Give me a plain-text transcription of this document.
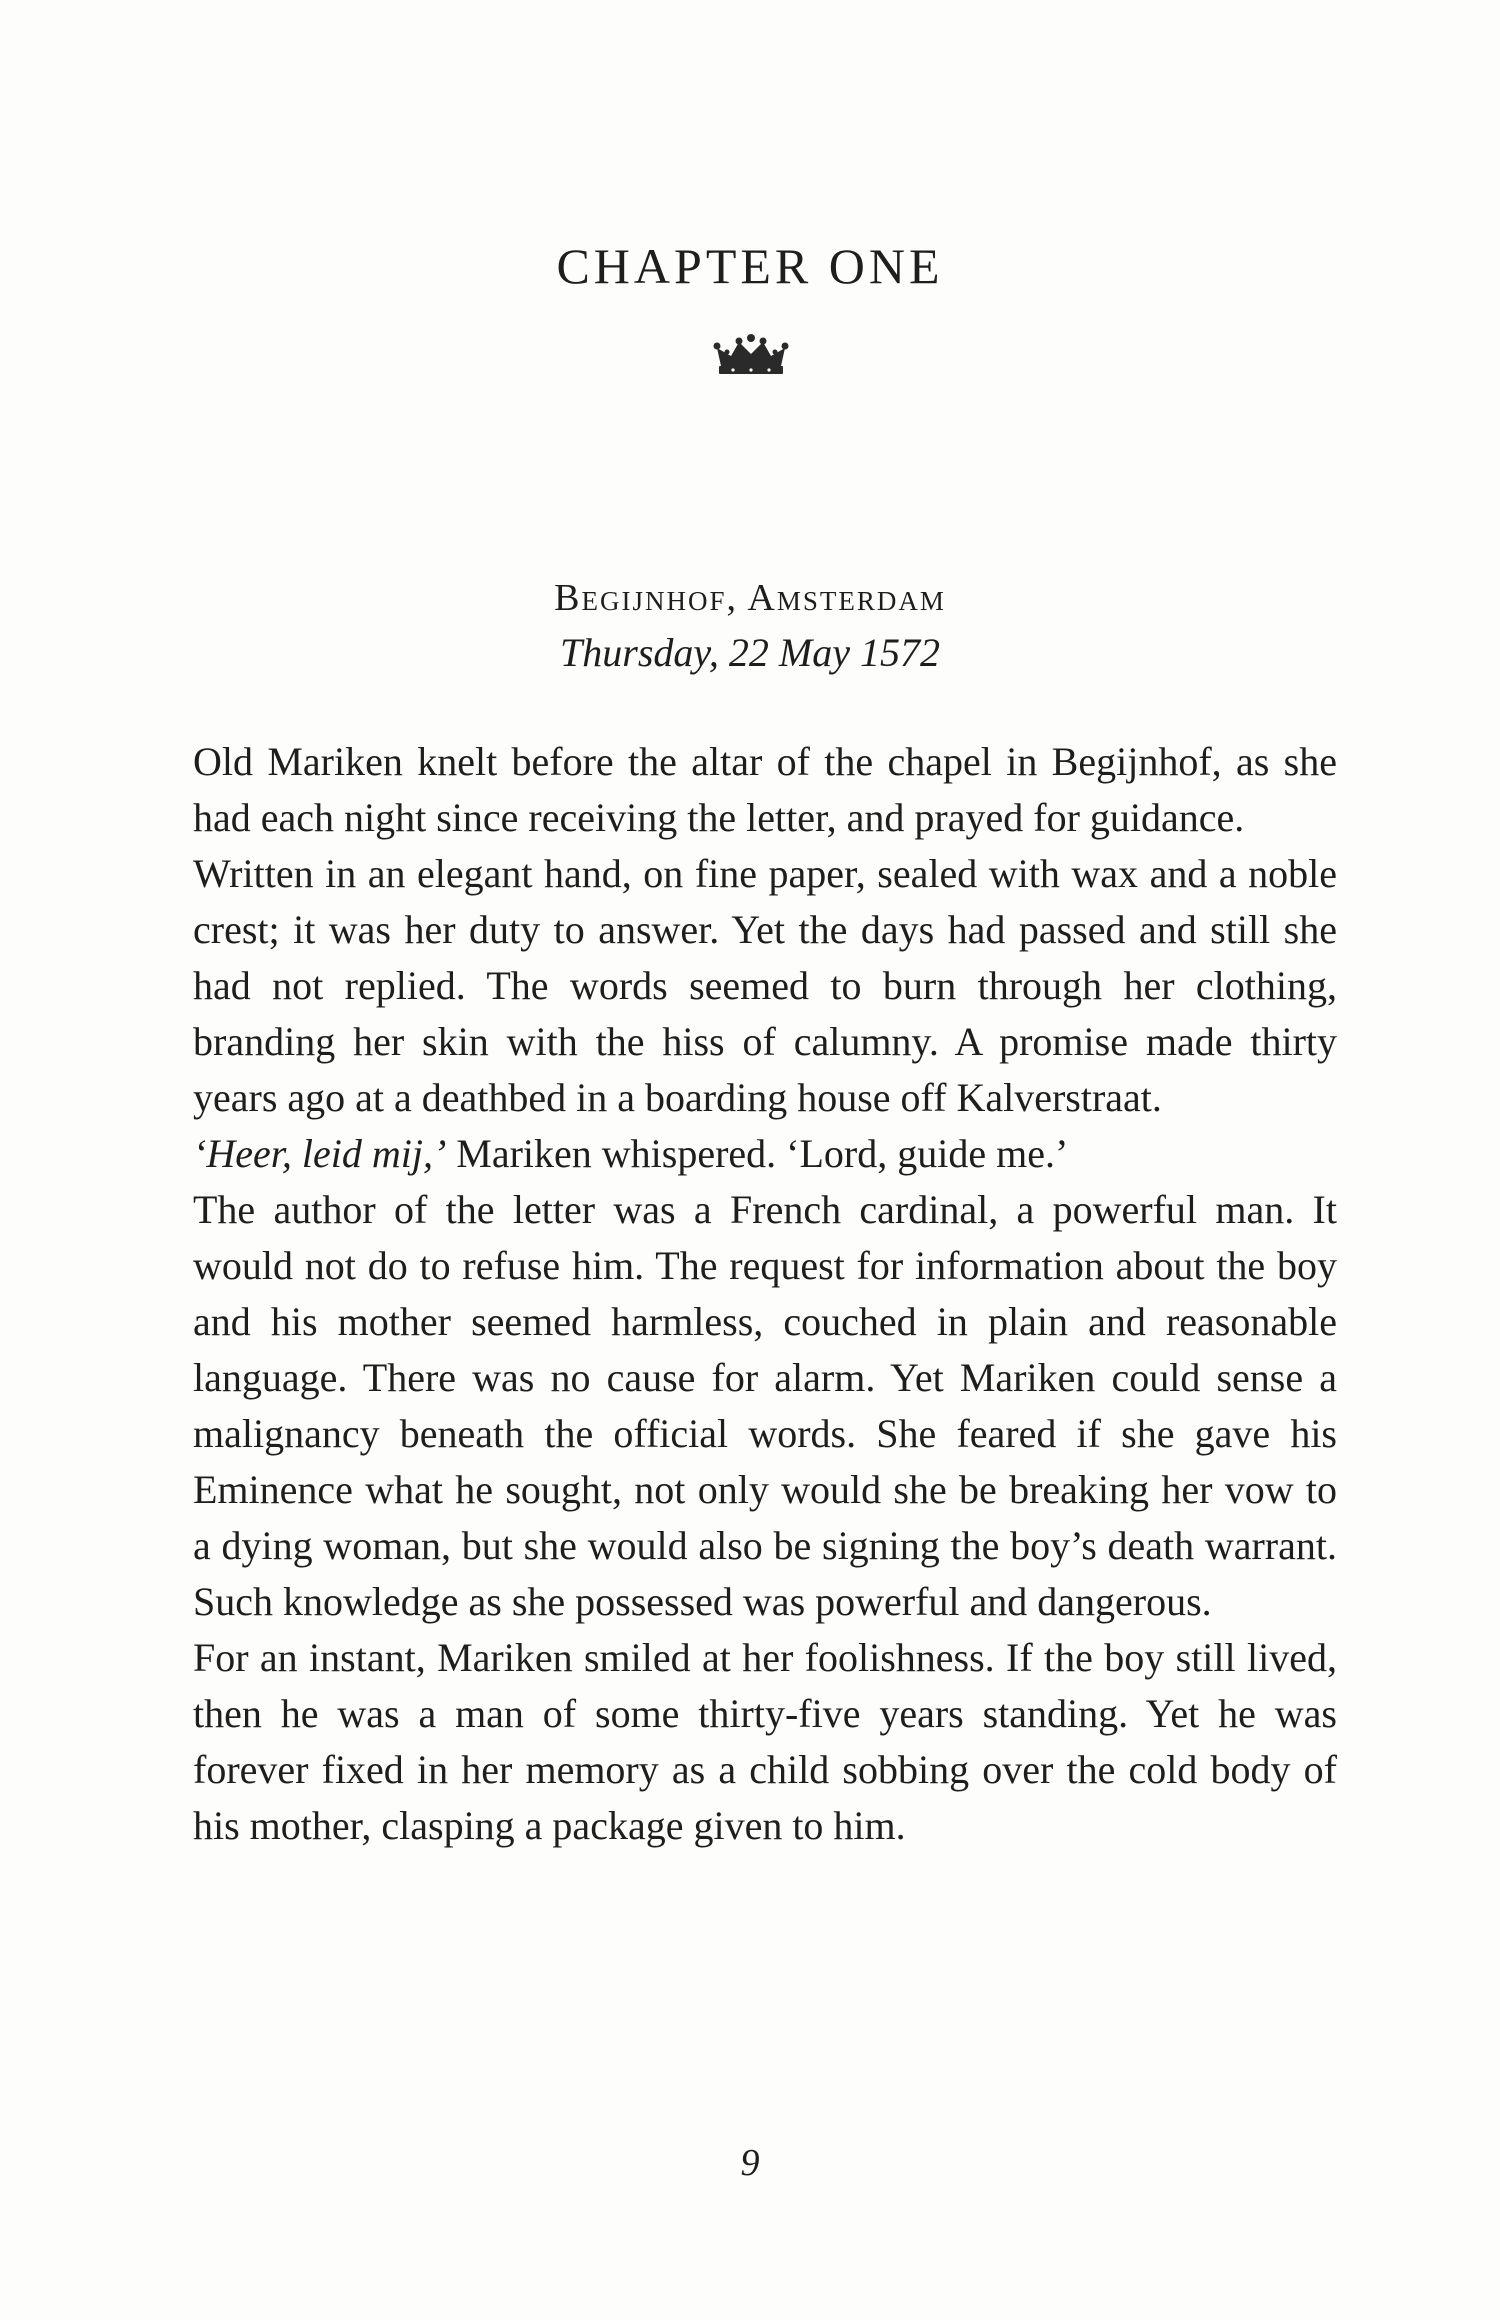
CHAPTER ONE

Begijnhof, Amsterdam

Thursday, 22 May 1572

Old Mariken knelt before the altar of the chapel in Begijnhof, as she had each night since receiving the letter, and prayed for guidance.

Written in an elegant hand, on fine paper, sealed with wax and a noble crest; it was her duty to answer. Yet the days had passed and still she had not replied. The words seemed to burn through her clothing, branding her skin with the hiss of calumny. A promise made thirty years ago at a deathbed in a boarding house off Kalverstraat.

‘Heer, leid mij,’ Mariken whispered. ‘Lord, guide me.’

The author of the letter was a French cardinal, a powerful man. It would not do to refuse him. The request for information about the boy and his mother seemed harmless, couched in plain and reasonable language. There was no cause for alarm. Yet Mariken could sense a malignancy beneath the official words. She feared if she gave his Eminence what he sought, not only would she be breaking her vow to a dying woman, but she would also be signing the boy’s death warrant. Such knowledge as she possessed was powerful and dangerous.

For an instant, Mariken smiled at her foolishness. If the boy still lived, then he was a man of some thirty-five years standing. Yet he was forever fixed in her memory as a child sobbing over the cold body of his mother, clasping a package given to him.

9
